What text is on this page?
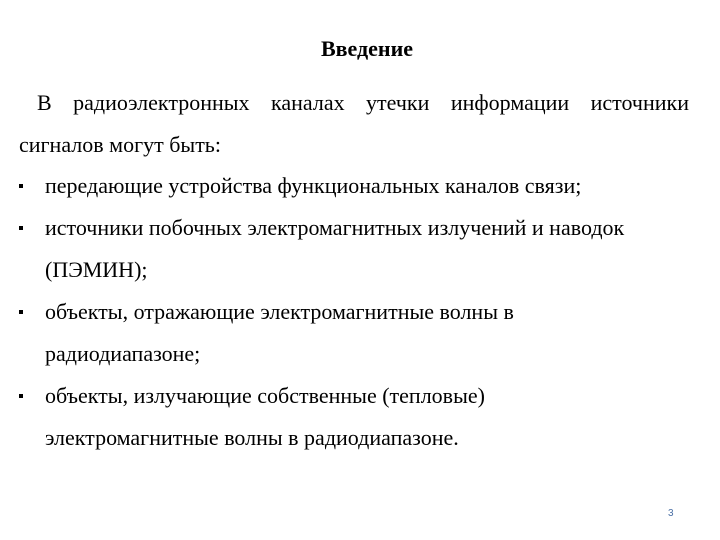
Введение
В радиоэлектронных каналах утечки информации источники
сигналов могут быть:
передающие устройства функциональных каналов связи;
источники побочных электромагнитных излучений и наводок
(ПЭМИН);
объекты, отражающие электромагнитные волны в
радиодиапазоне;
объекты, излучающие собственные (тепловые)
электромагнитные волны в радиодиапазоне.
3
